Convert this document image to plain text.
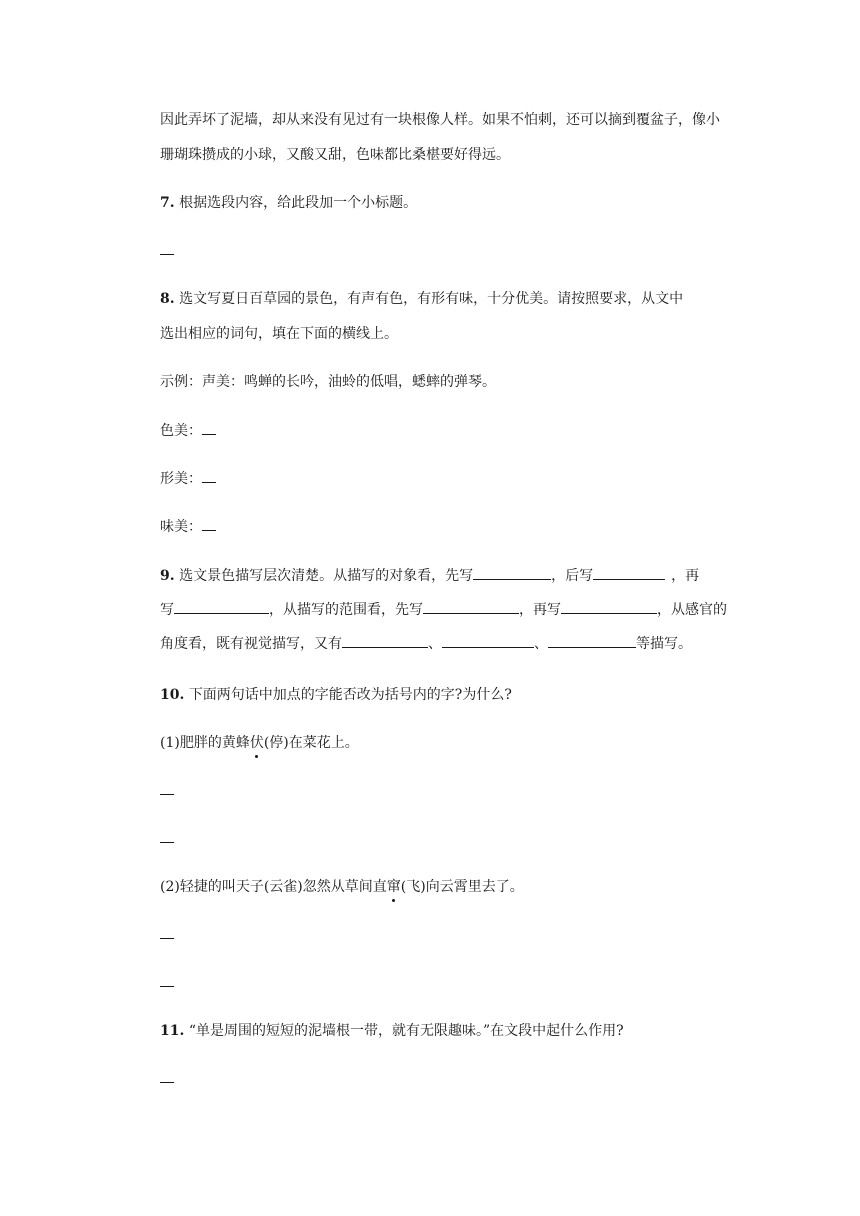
因此弄坏了泥墙，却从来没有见过有一块根像人样。如果不怕刺，还可以摘到覆盆子，像小
珊瑚珠攒成的小球，又酸又甜，色味都比桑椹要好得远。
7. 根据选段内容，给此段加一个小标题。
8. 选文写夏日百草园的景色，有声有色，有形有味，十分优美。请按照要求，从文中
选出相应的词句，填在下面的横线上。
示例：声美：鸣蝉的长吟，油蛉的低唱，蟋蟀的弹琴。
色美：
形美：
味美：
9. 选文景色描写层次清楚。从描写的对象看，先写	，后写	，再
写	，从描写的范围看，先写	，再写	，从感官的
角度看，既有视觉描写，又有	、	、	等描写。
10. 下面两句话中加点的字能否改为括号内的字?为什么?
(1)肥胖的黄蜂伏(停)在菜花上。
(2)轻捷的叫天子(云雀)忽然从草间直窜(飞)向云霄里去了。
11. “单是周围的短短的泥墙根一带，就有无限趣味。”在文段中起什么作用?
